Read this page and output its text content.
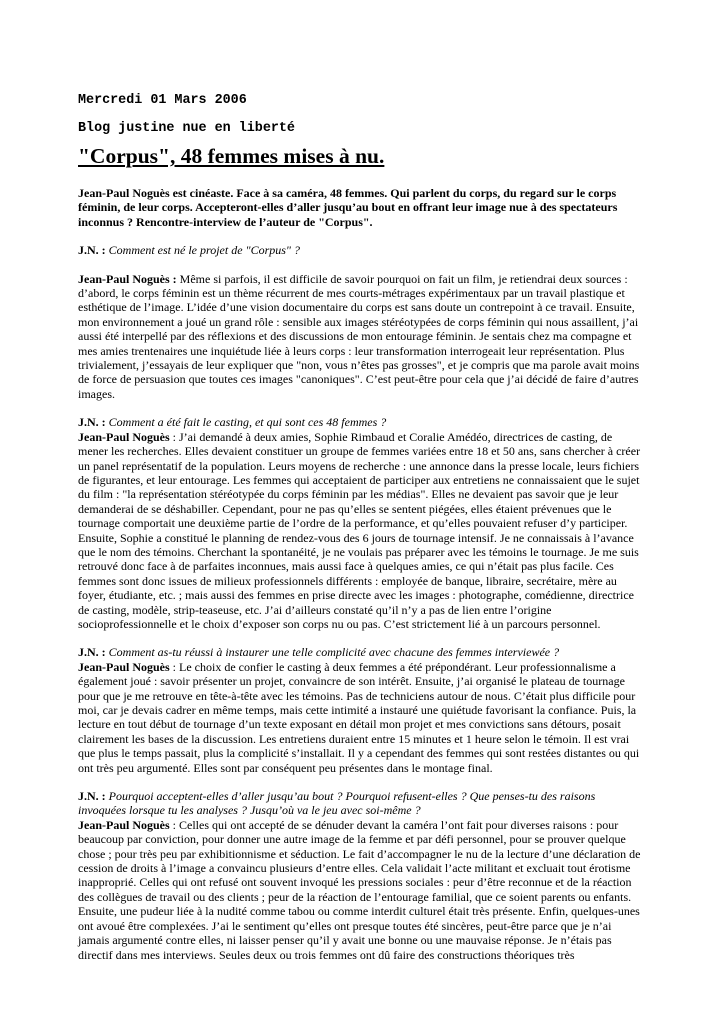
Mercredi 01 Mars 2006
Blog justine nue en liberté
"Corpus", 48 femmes mises à nu.

Jean-Paul Noguès est cinéaste. Face à sa caméra, 48 femmes. Qui parlent du corps, du regard sur le corps féminin, de leur corps. Accepteront-elles d’aller jusqu’au bout en offrant leur image nue à des spectateurs inconnus ? Rencontre-interview de l’auteur de "Corpus".

J.N. : Comment est né le projet de "Corpus" ?

Jean-Paul Noguès : Même si parfois, il est difficile de savoir pourquoi on fait un film, je retiendrai deux sources : d’abord, le corps féminin est un thème récurrent de mes courts-métrages expérimentaux par un travail plastique et esthétique de l’image. L’idée d’une vision documentaire du corps est sans doute un contrepoint à ce travail. Ensuite, mon environnement a joué un grand rôle : sensible aux images stéréotypées de corps féminin qui nous assaillent, j’ai aussi été interpellé par des réflexions et des discussions de mon entourage féminin. Je sentais chez ma compagne et mes amies trentenaires une inquiétude liée à leurs corps : leur transformation interrogeait leur représentation. Plus trivialement, j’essayais de leur expliquer que "non, vous n’êtes pas grosses", et je compris que ma parole avait moins de force de persuasion que toutes ces images "canoniques". C’est peut-être pour cela que j’ai décidé de faire d’autres images.

J.N. : Comment a été fait le casting, et qui sont ces 48 femmes ?

Jean-Paul Noguès : J’ai demandé à deux amies, Sophie Rimbaud et Coralie Amédéo, directrices de casting, de mener les recherches. Elles devaient constituer un groupe de femmes variées entre 18 et 50 ans, sans chercher à créer un panel représentatif de la population. Leurs moyens de recherche : une annonce dans la presse locale, leurs fichiers de figurantes, et leur entourage. Les femmes qui acceptaient de participer aux entretiens ne connaissaient que le sujet du film : "la représentation stéréotypée du corps féminin par les médias". Elles ne devaient pas savoir que je leur demanderai de se déshabiller. Cependant, pour ne pas qu’elles se sentent piégées, elles étaient prévenues que le tournage comportait une deuxième partie de l’ordre de la performance, et qu’elles pouvaient refuser d’y participer. Ensuite, Sophie a constitué le planning de rendez-vous des 6 jours de tournage intensif. Je ne connaissais à l’avance que le nom des témoins. Cherchant la spontanéité, je ne voulais pas préparer avec les témoins le tournage. Je me suis retrouvé donc face à de parfaites inconnues, mais aussi face à quelques amies, ce qui n’était pas plus facile. Ces femmes sont donc issues de milieux professionnels différents : employée de banque, libraire, secrétaire, mère au foyer, étudiante, etc. ; mais aussi des femmes en prise directe avec les images : photographe, comédienne, directrice de casting, modèle, strip-teaseuse, etc. J’ai d’ailleurs constaté qu’il n’y a pas de lien entre l’origine socioprofessionnelle et le choix d’exposer son corps nu ou pas. C’est strictement lié à un parcours personnel.

J.N. : Comment as-tu réussi à instaurer une telle complicité avec chacune des femmes interviewée ?

Jean-Paul Noguès : Le choix de confier le casting à deux femmes a été prépondérant. Leur professionnalisme a également joué : savoir présenter un projet, convaincre de son intérêt. Ensuite, j’ai organisé le plateau de tournage pour que je me retrouve en tête-à-tête avec les témoins. Pas de techniciens autour de nous. C’était plus difficile pour moi, car je devais cadrer en même temps, mais cette intimité a instauré une quiétude favorisant la confiance. Puis, la lecture en tout début de tournage d’un texte exposant en détail mon projet et mes convictions sans détours, posait clairement les bases de la discussion. Les entretiens duraient entre 15 minutes et 1 heure selon le témoin. Il est vrai que plus le temps passait, plus la complicité s’installait. Il y a cependant des femmes qui sont restées distantes ou qui ont très peu argumenté. Elles sont par conséquent peu présentes dans le montage final.

J.N. : Pourquoi acceptent-elles d’aller jusqu’au bout ? Pourquoi refusent-elles ? Que penses-tu des raisons invoquées lorsque tu les analyses ? Jusqu’où va le jeu avec soi-même ?

Jean-Paul Noguès : Celles qui ont accepté de se dénuder devant la caméra l’ont fait pour diverses raisons : pour beaucoup par conviction, pour donner une autre image de la femme et par défi personnel, pour se prouver quelque chose ; pour très peu par exhibitionnisme et séduction. Le fait d’accompagner le nu de la lecture d’une déclaration de cession de droits à l’image a convaincu plusieurs d’entre elles. Cela validait l’acte militant et excluait tout érotisme inapproprié. Celles qui ont refusé ont souvent invoqué les pressions sociales : peur d’être reconnue et de la réaction des collègues de travail ou des clients ; peur de la réaction de l’entourage familial, que ce soient parents ou enfants. Ensuite, une pudeur liée à la nudité comme tabou ou comme interdit culturel était très présente. Enfin, quelques-unes ont avoué être complexées. J’ai le sentiment qu’elles ont presque toutes été sincères, peut-être parce que je n’ai jamais argumenté contre elles, ni laisser penser qu’il y avait une bonne ou une mauvaise réponse. Je n’étais pas directif dans mes interviews. Seules deux ou trois femmes ont dû faire des constructions théoriques très
